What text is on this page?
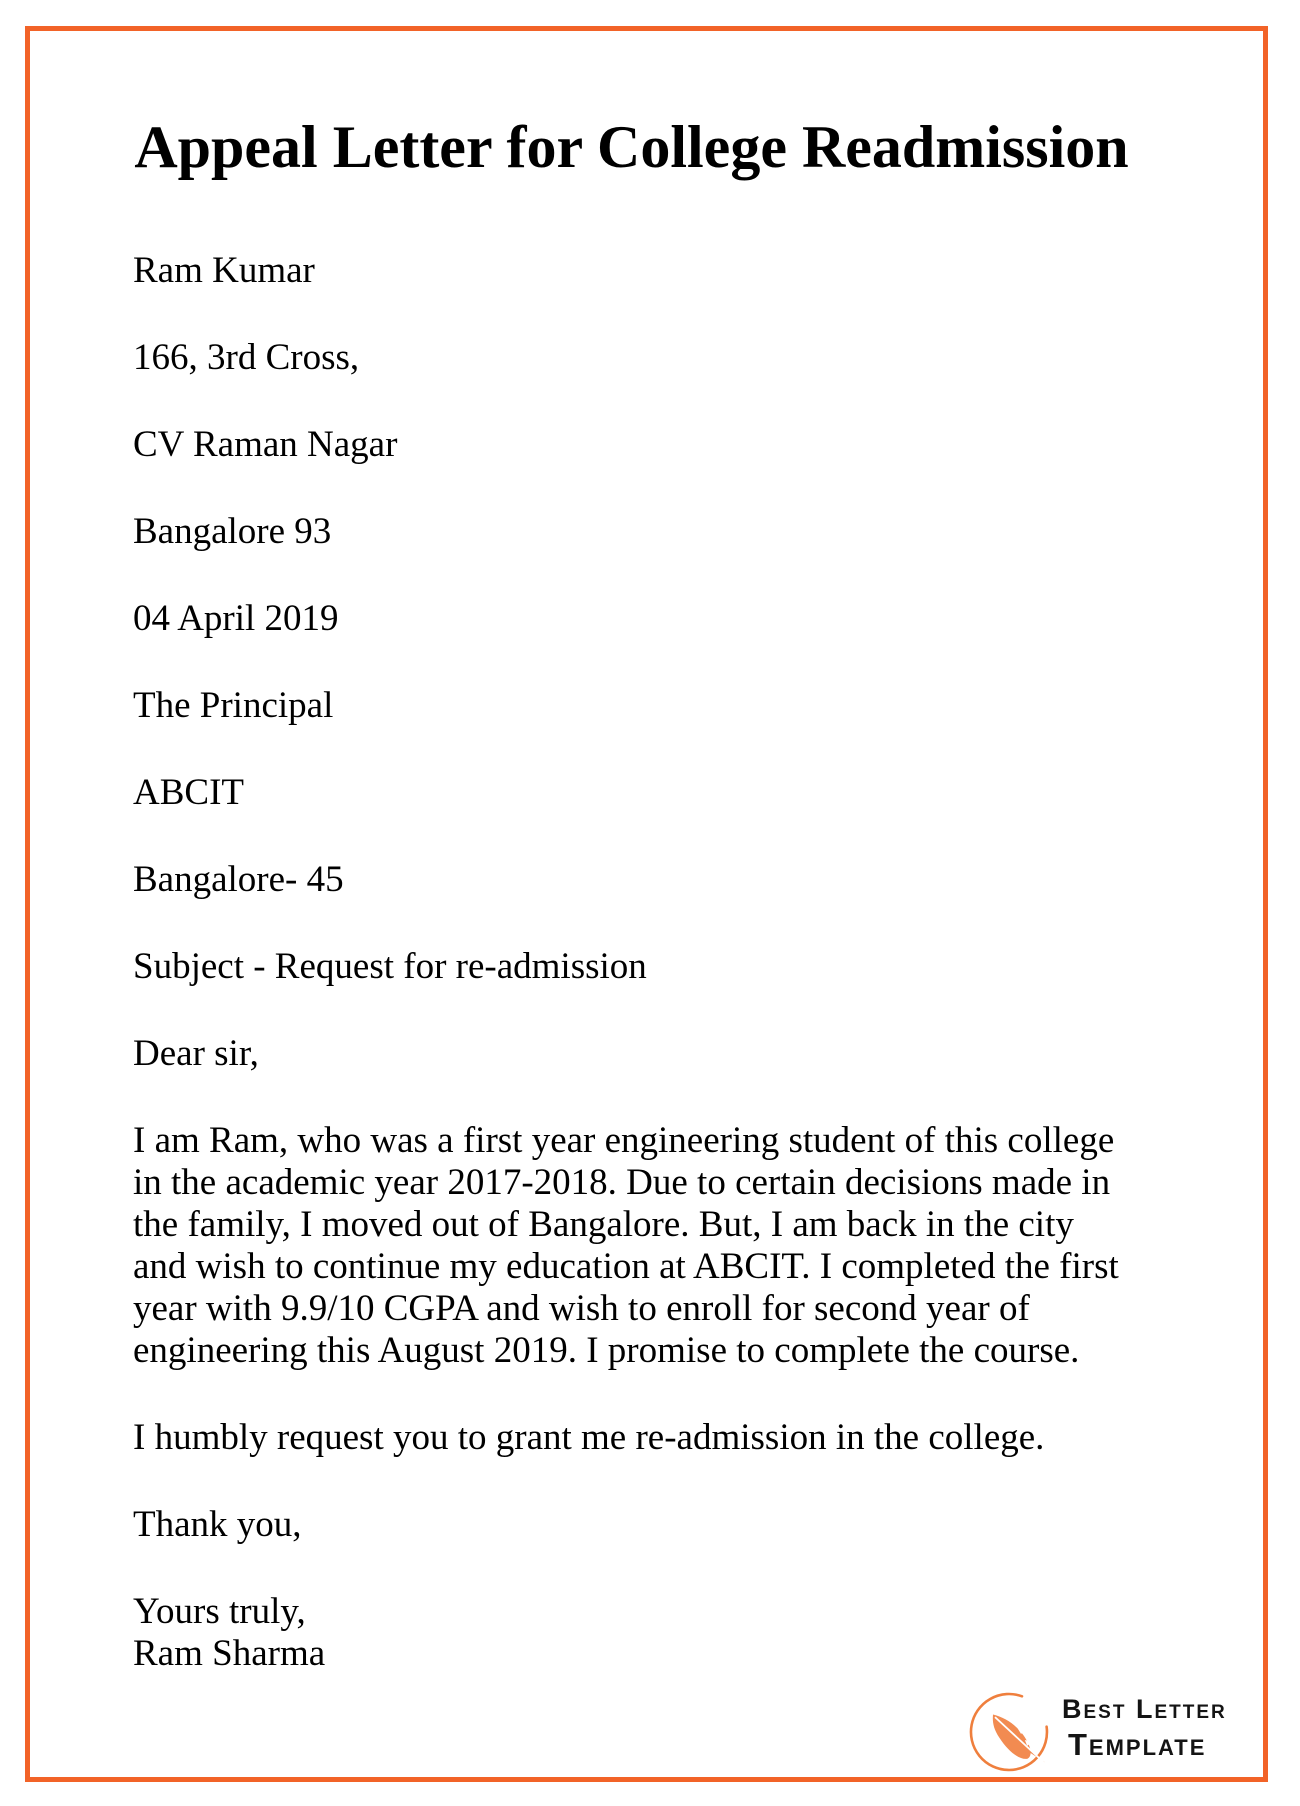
Appeal Letter for College Readmission

Ram Kumar

166, 3rd Cross,

CV Raman Nagar

Bangalore 93

04 April 2019

The Principal

ABCIT

Bangalore- 45

Subject - Request for re-admission

Dear sir,

I am Ram, who was a first year engineering student of this college in the academic year 2017-2018. Due to certain decisions made in the family, I moved out of Bangalore. But, I am back in the city and wish to continue my education at ABCIT. I completed the first year with 9.9/10 CGPA and wish to enroll for second year of engineering this August 2019. I promise to complete the course.

I humbly request you to grant me re-admission in the college.

Thank you,

Yours truly,
Ram Sharma
Best Letter
Template
